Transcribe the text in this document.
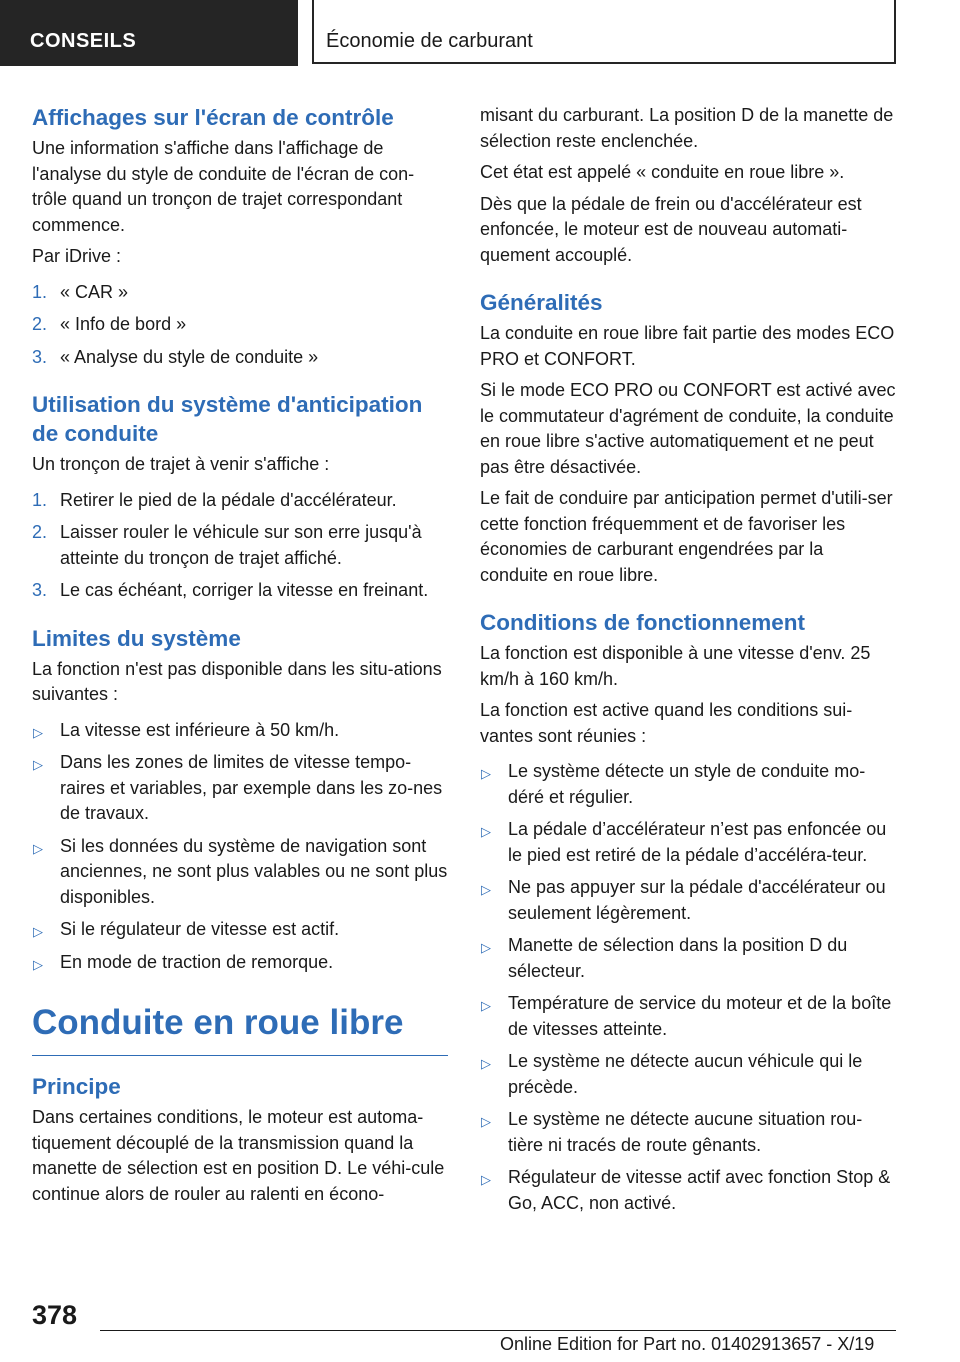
CONSEILS	Économie de carburant
Affichages sur l'écran de contrôle
Une information s'affiche dans l'affichage de l'analyse du style de conduite de l'écran de con-trôle quand un tronçon de trajet correspondant commence.
Par iDrive :
1. « CAR »
2. « Info de bord »
3. « Analyse du style de conduite »
Utilisation du système d'anticipation de conduite
Un tronçon de trajet à venir s'affiche :
1. Retirer le pied de la pédale d'accélérateur.
2. Laisser rouler le véhicule sur son erre jusqu'à atteinte du tronçon de trajet affiché.
3. Le cas échéant, corriger la vitesse en freinant.
Limites du système
La fonction n'est pas disponible dans les situ-ations suivantes :
▷ La vitesse est inférieure à 50 km/h.
▷ Dans les zones de limites de vitesse tempo-raires et variables, par exemple dans les zo-nes de travaux.
▷ Si les données du système de navigation sont anciennes, ne sont plus valables ou ne sont plus disponibles.
▷ Si le régulateur de vitesse est actif.
▷ En mode de traction de remorque.
Conduite en roue libre
Principe
Dans certaines conditions, le moteur est automa-tiquement découplé de la transmission quand la manette de sélection est en position D. Le véhi-cule continue alors de rouler au ralenti en écono-
misant du carburant. La position D de la manette de sélection reste enclenchée.
Cet état est appelé « conduite en roue libre ».
Dès que la pédale de frein ou d'accélérateur est enfoncée, le moteur est de nouveau automati-quement accouplé.
Généralités
La conduite en roue libre fait partie des modes ECO PRO et CONFORT.
Si le mode ECO PRO ou CONFORT est activé avec le commutateur d'agrément de conduite, la conduite en roue libre s'active automatiquement et ne peut pas être désactivée.
Le fait de conduire par anticipation permet d'utili-ser cette fonction fréquemment et de favoriser les économies de carburant engendrées par la conduite en roue libre.
Conditions de fonctionnement
La fonction est disponible à une vitesse d'env. 25 km/h à 160 km/h.
La fonction est active quand les conditions sui-vantes sont réunies :
▷ Le système détecte un style de conduite mo-déré et régulier.
▷ La pédale d’accélérateur n’est pas enfoncée ou le pied est retiré de la pédale d’accéléra-teur.
▷ Ne pas appuyer sur la pédale d'accélérateur ou seulement légèrement.
▷ Manette de sélection dans la position D du sélecteur.
▷ Température de service du moteur et de la boîte de vitesses atteinte.
▷ Le système ne détecte aucun véhicule qui le précède.
▷ Le système ne détecte aucune situation rou-tière ni tracés de route gênants.
▷ Régulateur de vitesse actif avec fonction Stop & Go, ACC, non activé.
378
Online Edition for Part no. 01402913657 - X/19
